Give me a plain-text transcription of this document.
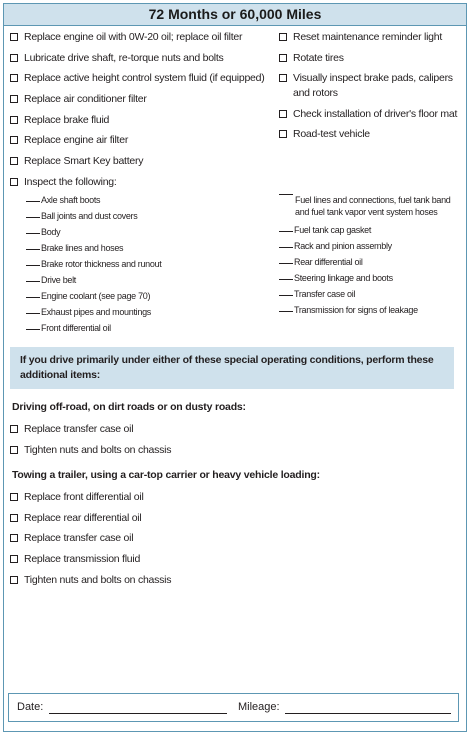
72 Months or 60,000 Miles
Replace engine oil with 0W-20 oil; replace oil filter
Lubricate drive shaft, re-torque nuts and bolts
Replace active height control system fluid (if equipped)
Replace air conditioner filter
Replace brake fluid
Replace engine air filter
Replace Smart Key battery
Inspect the following:
Reset maintenance reminder light
Rotate tires
Visually inspect brake pads, calipers and rotors
Check installation of driver's floor mat
Road-test vehicle
Axle shaft boots
Ball joints and dust covers
Body
Brake lines and hoses
Brake rotor thickness and runout
Drive belt
Engine coolant (see page 70)
Exhaust pipes and mountings
Front differential oil
Fuel lines and connections, fuel tank band and fuel tank vapor vent system hoses
Fuel tank cap gasket
Rack and pinion assembly
Rear differential oil
Steering linkage and boots
Transfer case oil
Transmission for signs of leakage
If you drive primarily under either of these special operating conditions, perform these additional items:
Driving off-road, on dirt roads or on dusty roads:
Replace transfer case oil
Tighten nuts and bolts on chassis
Towing a trailer, using a car-top carrier or heavy vehicle loading:
Replace front differential oil
Replace rear differential oil
Replace transfer case oil
Replace transmission fluid
Tighten nuts and bolts on chassis
Date:	Mileage:
